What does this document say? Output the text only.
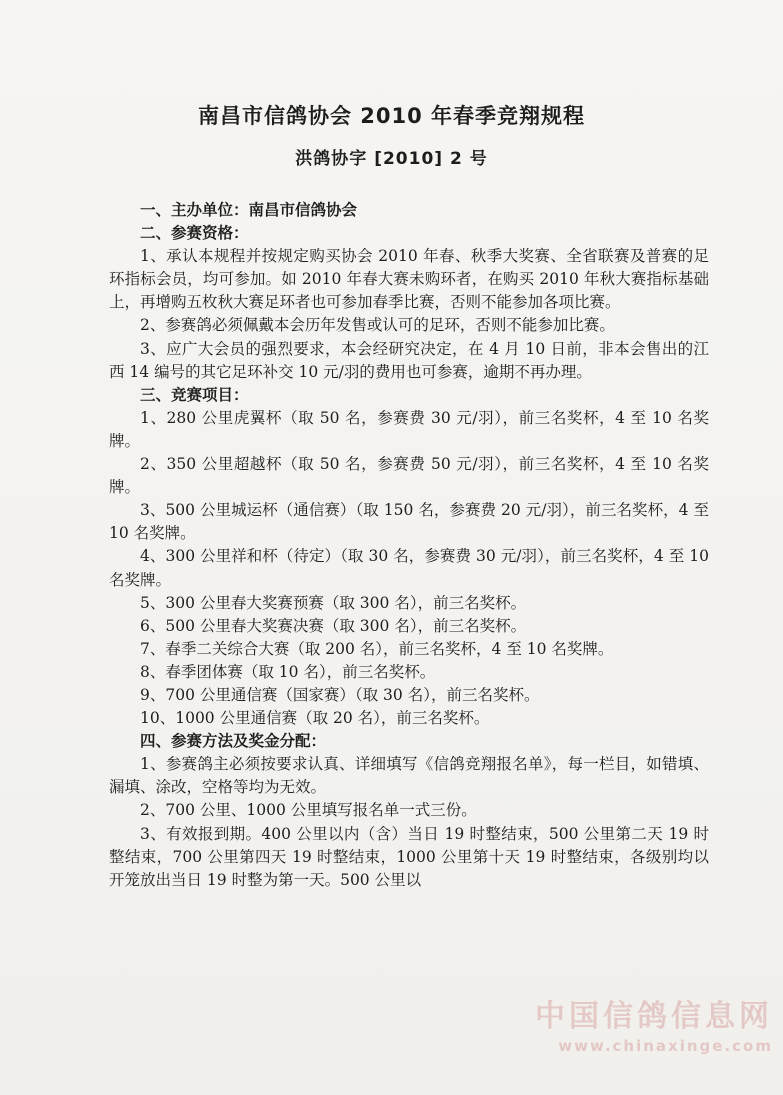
南昌市信鸽协会 2010 年春季竞翔规程
洪鸽协字 [2010] 2 号

一、主办单位：南昌市信鸽协会

二、参赛资格：

1、承认本规程并按规定购买协会 2010 年春、秋季大奖赛、全省联赛及普赛的足环指标会员，均可参加。如 2010 年春大赛未购环者，在购买 2010 年秋大赛指标基础上，再增购五枚秋大赛足环者也可参加春季比赛，否则不能参加各项比赛。

2、参赛鸽必须佩戴本会历年发售或认可的足环，否则不能参加比赛。

3、应广大会员的强烈要求，本会经研究决定，在 4 月 10 日前，非本会售出的江西 14 编号的其它足环补交 10 元/羽的费用也可参赛，逾期不再办理。

三、竞赛项目：

1、280 公里虎翼杯（取 50 名，参赛费 30 元/羽），前三名奖杯，4 至 10 名奖牌。

2、350 公里超越杯（取 50 名，参赛费 50 元/羽），前三名奖杯，4 至 10 名奖牌。

3、500 公里城运杯（通信赛）（取 150 名，参赛费 20 元/羽），前三名奖杯，4 至 10 名奖牌。

4、300 公里祥和杯（待定）（取 30 名，参赛费 30 元/羽），前三名奖杯，4 至 10 名奖牌。

5、300 公里春大奖赛预赛（取 300 名），前三名奖杯。

6、500 公里春大奖赛决赛（取 300 名），前三名奖杯。

7、春季二关综合大赛（取 200 名），前三名奖杯，4 至 10 名奖牌。

8、春季团体赛（取 10 名），前三名奖杯。

9、700 公里通信赛（国家赛）（取 30 名），前三名奖杯。

10、1000 公里通信赛（取 20 名），前三名奖杯。

四、参赛方法及奖金分配：

1、参赛鸽主必须按要求认真、详细填写《信鸽竞翔报名单》，每一栏目，如错填、漏填、涂改，空格等均为无效。

2、700 公里、1000 公里填写报名单一式三份。

3、有效报到期。400 公里以内（含）当日 19 时整结束，500 公里第二天 19 时整结束，700 公里第四天 19 时整结束，1000 公里第十天 19 时整结束，各级别均以开笼放出当日 19 时整为第一天。500 公里以

中国信鸽信息网
www.chinaxinge.com
